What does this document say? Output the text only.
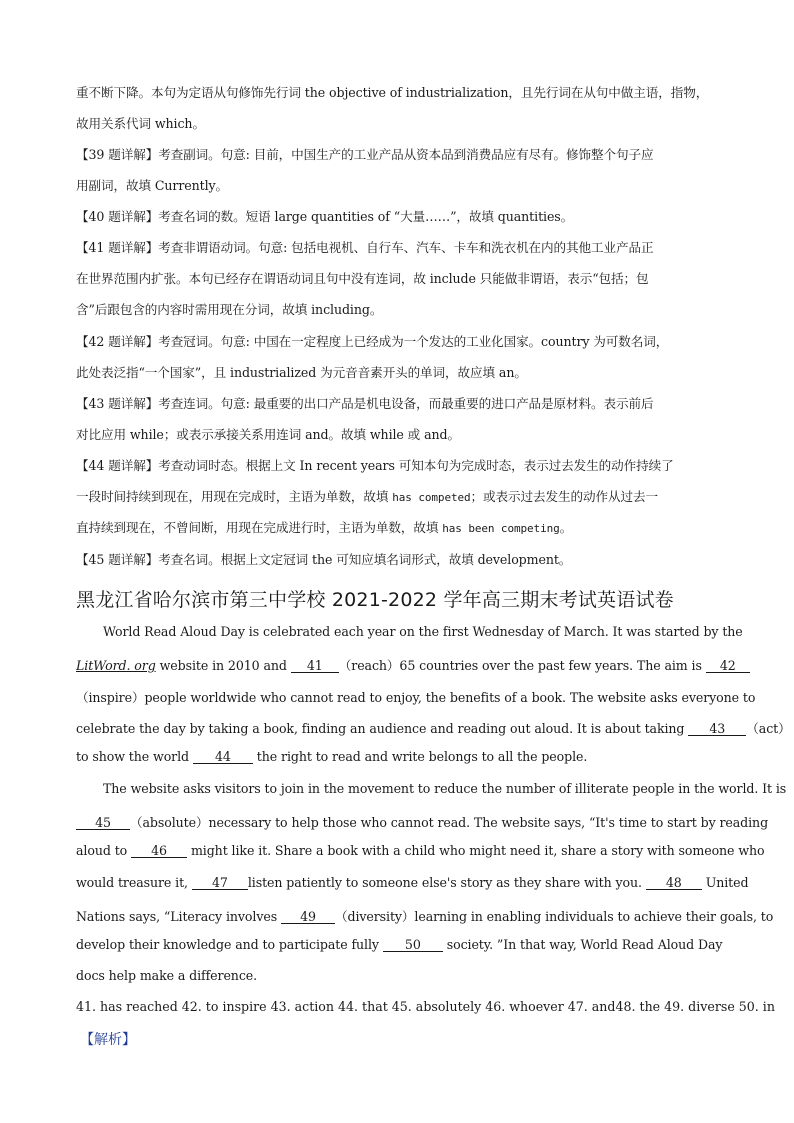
重不断下降。本句为定语从句修饰先行词 the objective of industrialization，且先行词在从句中做主语，指物，
故用关系代词 which。
【39 题详解】考查副词。句意: 目前，中国生产的工业产品从资本品到消费品应有尽有。修饰整个句子应
用副词，故填 Currently。
【40 题详解】考查名词的数。短语 large quantities of “大量……”，故填 quantities。
【41 题详解】考查非谓语动词。句意: 包括电视机、自行车、汽车、卡车和洗衣机在内的其他工业产品正
在世界范围内扩张。本句已经存在谓语动词且句中没有连词，故 include 只能做非谓语，表示“包括；包
含”后跟包含的内容时需用现在分词，故填 including。
【42 题详解】考查冠词。句意: 中国在一定程度上已经成为一个发达的工业化国家。country 为可数名词，
此处表泛指“一个国家”，且 industrialized 为元音音素开头的单词，故应填 an。
【43 题详解】考查连词。句意: 最重要的出口产品是机电设备，而最重要的进口产品是原材料。表示前后
对比应用 while；或表示承接关系用连词 and。故填 while 或 and。
【44 题详解】考查动词时态。根据上文 In recent years 可知本句为完成时态，表示过去发生的动作持续了
一段时间持续到现在，用现在完成时，主语为单数，故填 has competed；或表示过去发生的动作从过去一
直持续到现在，不曾间断，用现在完成进行时，主语为单数，故填 has been competing。
【45 题详解】考查名词。根据上文定冠词 the 可知应填名词形式，故填 development。
黑龙江省哈尔滨市第三中学校 2021-2022 学年高三期末考试英语试卷
World Read Aloud Day is celebrated each year on the first Wednesday of March. It was started by the
LitWord. org website in 2010 and 41 （reach）65 countries over the past few years. The aim is 42
（inspire）people worldwide who cannot read to enjoy, the benefits of a book. The website asks everyone to
celebrate the day by taking a book, finding an audience and reading out aloud. It is about taking 43 （act）
to show the world 44 the right to read and write belongs to all the people.
The website asks visitors to join in the movement to reduce the number of illiterate people in the world. It is
45 （absolute）necessary to help those who cannot read. The website says, “It's time to start by reading
aloud to 46 might like it. Share a book with a child who might need it, share a story with someone who
would treasure it, 47 listen patiently to someone else's story as they share with you. 48 United
Nations says, “Literacy involves 49 （diversity）learning in enabling individuals to achieve their goals, to
develop their knowledge and to participate fully 50 society. ”In that way, World Read Aloud Day
docs help make a difference.
41. has reached 42. to inspire 43. action 44. that 45. absolutely 46. whoever 47. and48. the 49. diverse 50. in
【解析】
